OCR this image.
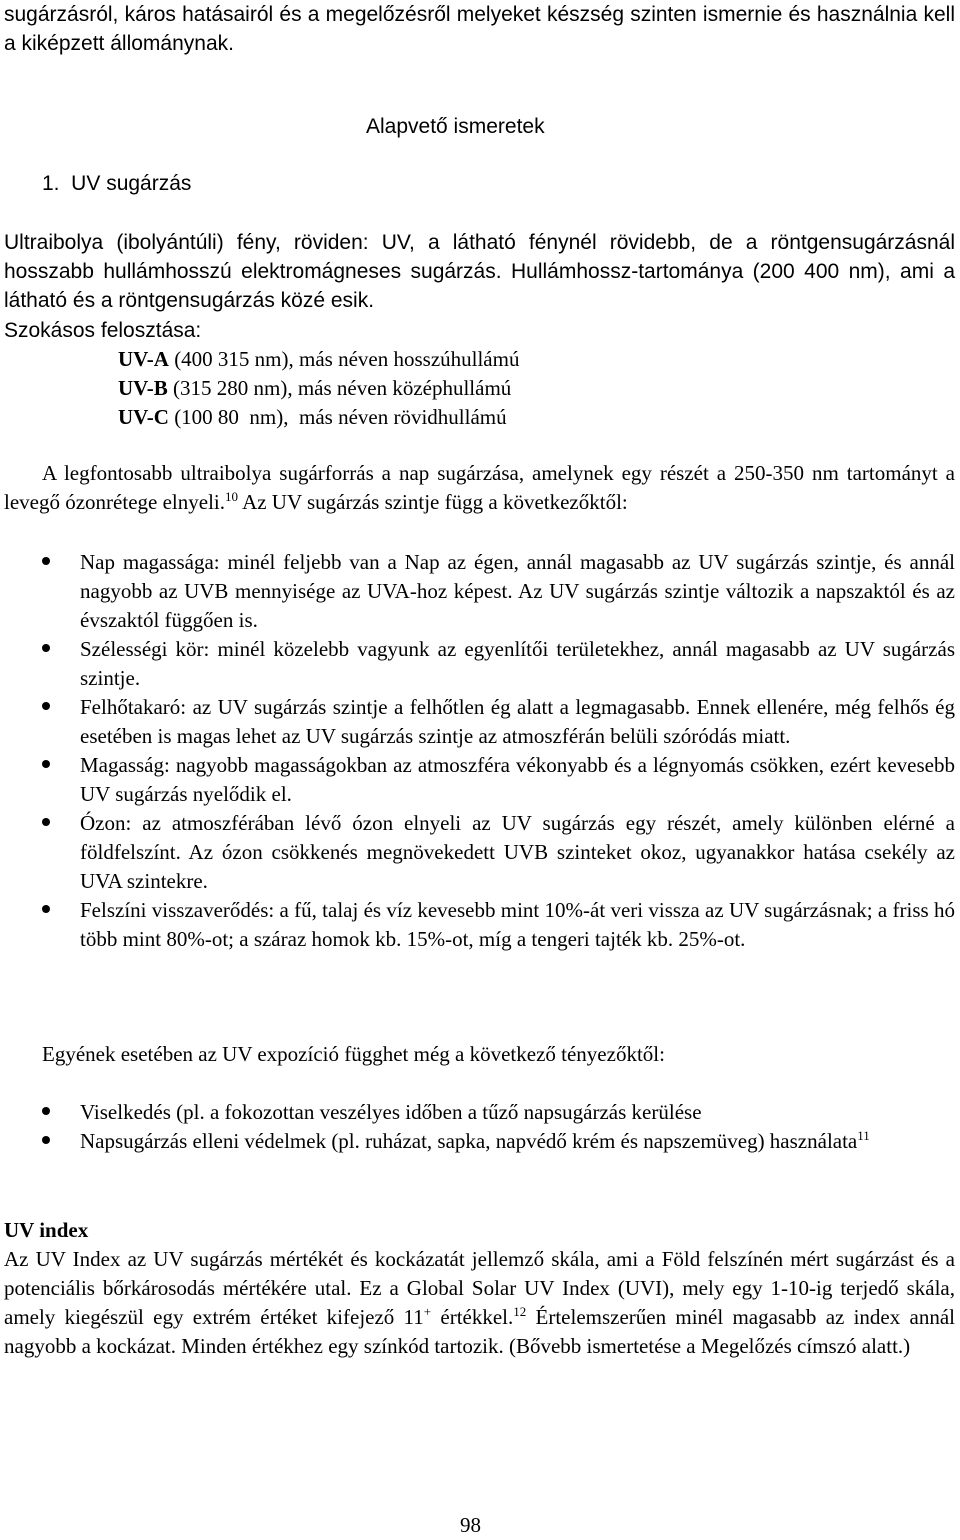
sugárzásról, káros hatásairól és a megelőzésről melyeket készség szinten ismernie és használnia kell a kiképzett állománynak.

Alapvető ismeretek
1.  UV sugárzás

Ultraibolya (ibolyántúli) fény, röviden: UV, a látható fénynél rövidebb, de a röntgensugárzásnál hosszabb hullámhosszú elektromágneses sugárzás. Hullámhossz-tartománya (200 400 nm), ami a látható és a röntgensugárzás közé esik.

Szokásos felosztása:
UV-A (400 315 nm), más néven hosszúhullámú
UV-B (315 280 nm), más néven középhullámú
UV-C (100 80  nm),  más néven rövidhullámú

A legfontosabb ultraibolya sugárforrás a nap sugárzása, amelynek egy részét a 250-350 nm tartományt a levegő ózonrétege elnyeli.$^{10}$ Az UV sugárzás szintje függ a következőktől:

Nap magassága: minél feljebb van a Nap az égen, annál magasabb az UV sugárzás szintje, és annál nagyobb az UVB mennyisége az UVA-hoz képest. Az UV sugárzás szintje változik a napszaktól és az évszaktól függően is.
Szélességi kör: minél közelebb vagyunk az egyenlítői területekhez, annál magasabb az UV sugárzás szintje.
Felhőtakaró: az UV sugárzás szintje a felhőtlen ég alatt a legmagasabb. Ennek ellenére, még felhős ég esetében is magas lehet az UV sugárzás szintje az atmoszférán belüli szóródás miatt.
Magasság: nagyobb magasságokban az atmoszféra vékonyabb és a légnyomás csökken, ezért kevesebb UV sugárzás nyelődik el.
Ózon: az atmoszférában lévő ózon elnyeli az UV sugárzás egy részét, amely különben elérné a földfelszínt. Az ózon csökkenés megnövekedett UVB szinteket okoz, ugyanakkor hatása csekély az UVA szintekre.
Felszíni visszaverődés: a fű, talaj és víz kevesebb mint 10%-át veri vissza az UV sugárzásnak; a friss hó több mint 80%-ot; a száraz homok kb. 15%-ot, míg a tengeri tajték kb. 25%-ot.
Egyének esetében az UV expozíció függhet még a következő tényezőktől:
Viselkedés (pl. a fokozottan veszélyes időben a tűző napsugárzás kerülése
Napsugárzás elleni védelmek (pl. ruházat, sapka, napvédő krém és napszemüveg) használata$^{11}$
UV index

Az UV Index az UV sugárzás mértékét és kockázatát jellemző skála, ami a Föld felszínén mért sugárzást és a potenciális bőrkárosodás mértékére utal. Ez a Global Solar UV Index (UVI), mely egy 1-10-ig terjedő skála, amely kiegészül egy extrém értéket kifejező 11+ értékkel.$^{12}$ Értelemszerűen minél magasabb az index annál nagyobb a kockázat. Minden értékhez egy színkód tartozik. (Bővebb ismertetése a Megelőzés címszó alatt.)

98
